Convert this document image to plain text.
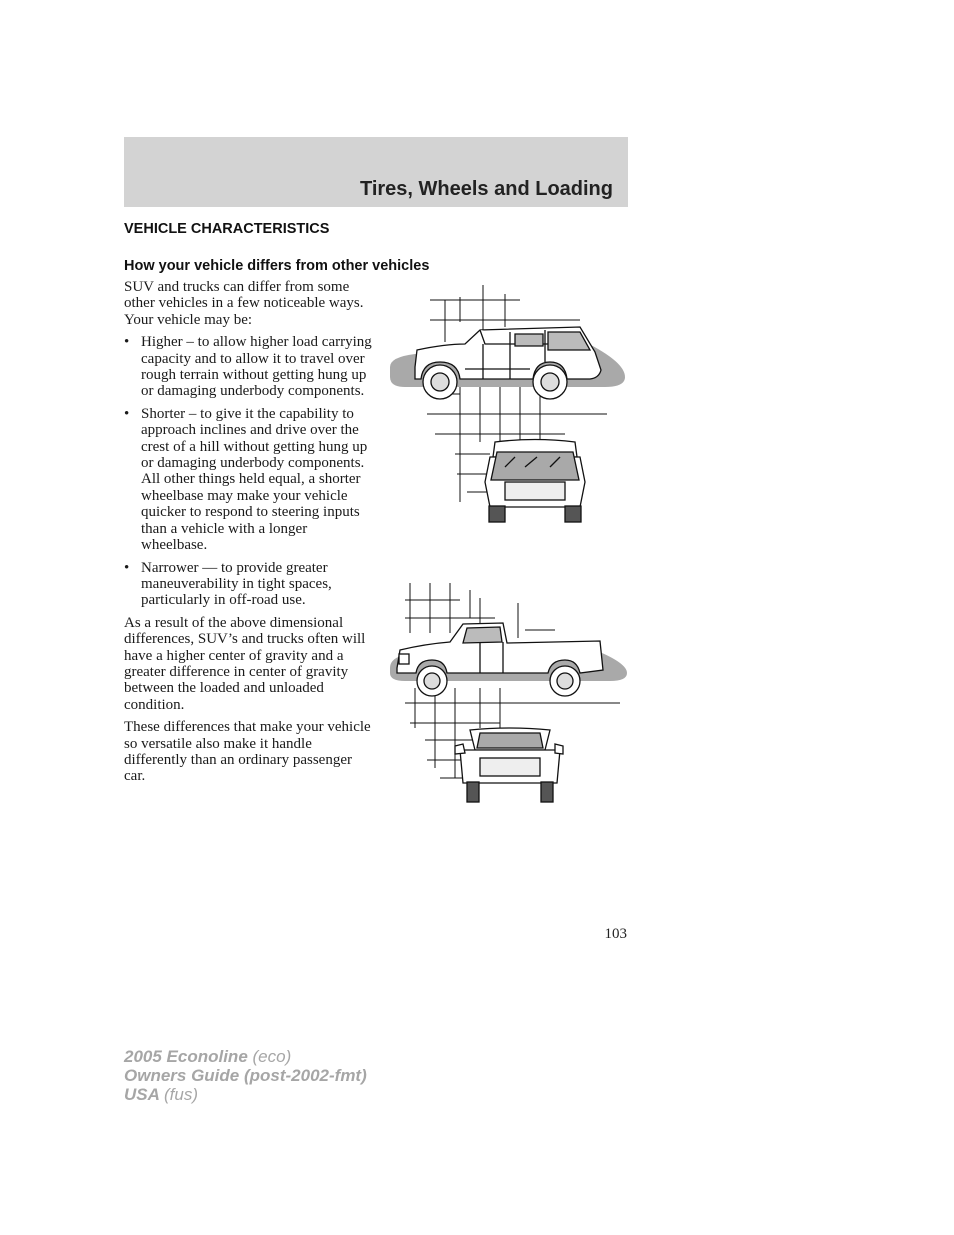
Tires, Wheels and Loading
VEHICLE CHARACTERISTICS
How your vehicle differs from other vehicles

SUV and trucks can differ from some other vehicles in a few noticeable ways. Your vehicle may be:

• Higher – to allow higher load carrying capacity and to allow it to travel over rough terrain without getting hung up or damaging underbody components.
• Shorter – to give it the capability to approach inclines and drive over the crest of a hill without getting hung up or damaging underbody components. All other things held equal, a shorter wheelbase may make your vehicle quicker to respond to steering inputs than a vehicle with a longer wheelbase.
• Narrower — to provide greater maneuverability in tight spaces, particularly in off-road use.

As a result of the above dimensional differences, SUV’s and trucks often will have a higher center of gravity and a greater difference in center of gravity between the loaded and unloaded condition.

These differences that make your vehicle so versatile also make it handle differently than an ordinary passenger car.

103

2005 Econoline (eco)
Owners Guide (post-2002-fmt)
USA (fus)
